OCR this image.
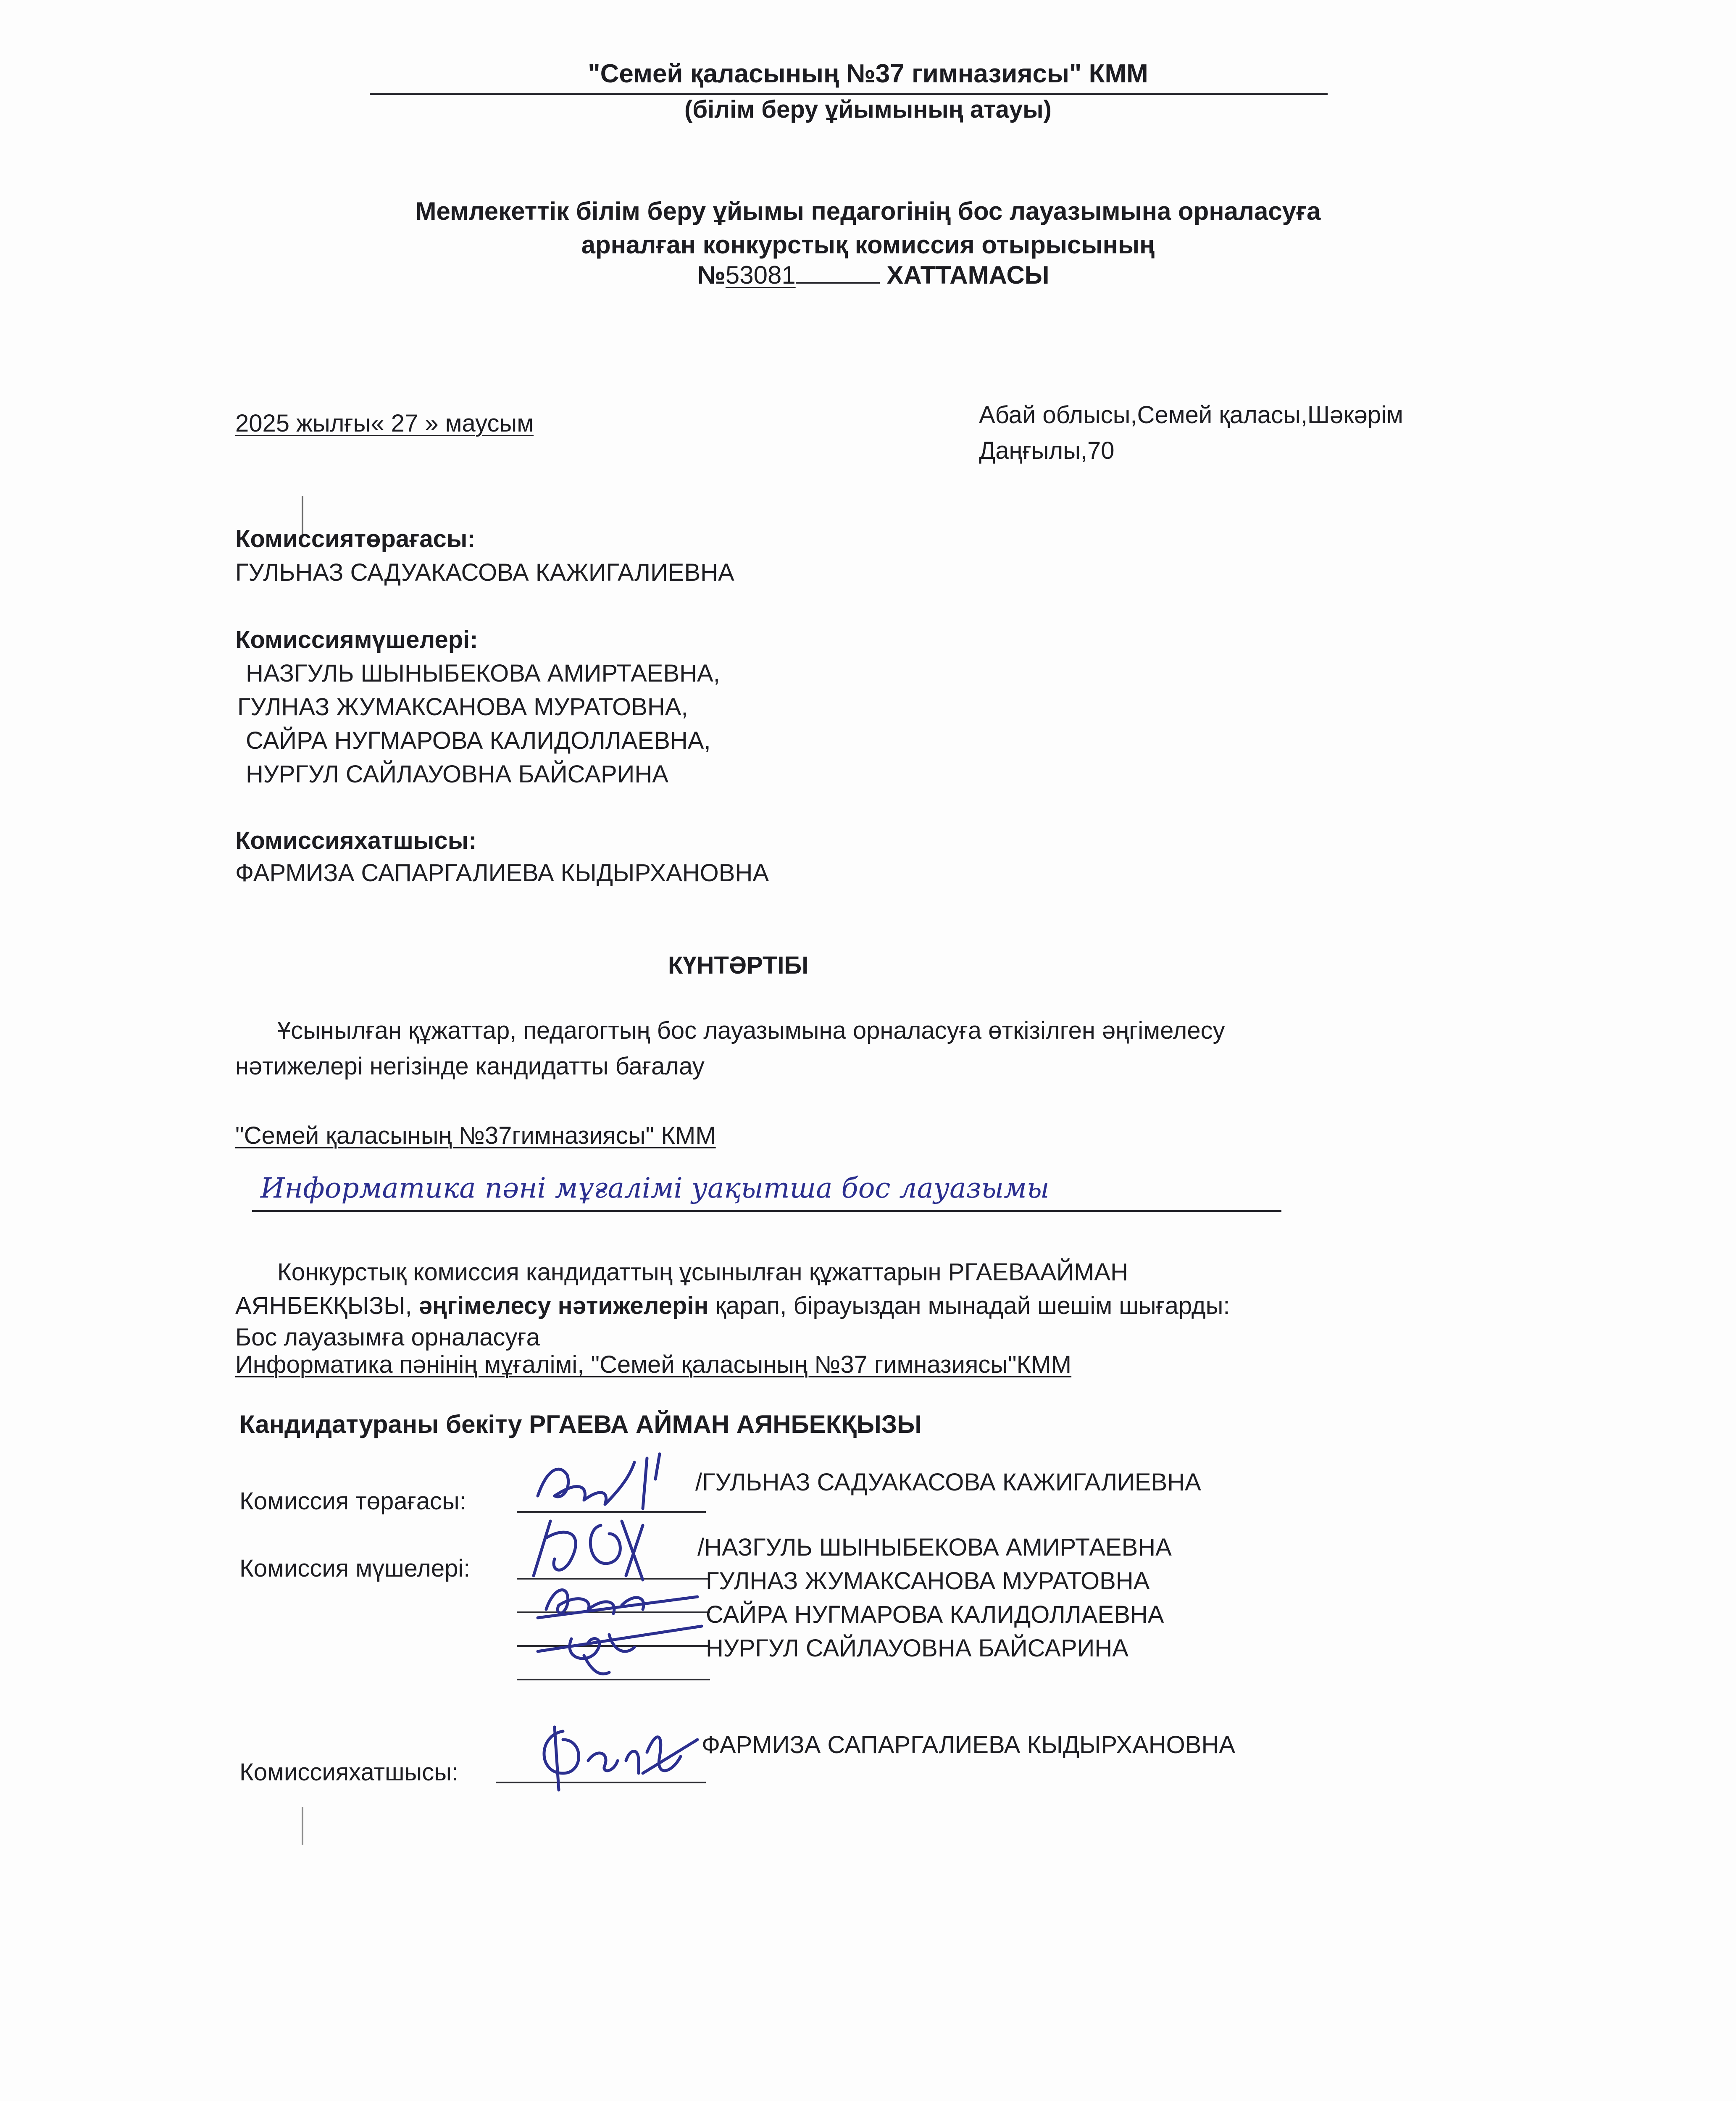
"Семей қаласының №37 гимназиясы" КММ

(білім беру ұйымының атауы)

Мемлекеттік білім беру ұйымы педагогінің бос лауазымына орналасуға

арналған конкурстық комиссия отырысының

№53081	ХАТТАМАСЫ

2025 жылғы« 27 » маусым	Абай облысы,Семей қаласы,Шәкәрім

Даңғылы,70

Комиссиятөрағасы:

ГУЛЬНАЗ САДУАКАСОВА КАЖИГАЛИЕВНА

Комиссиямүшелері:

НАЗГУЛЬ ШЫНЫБЕКОВА АМИРТАЕВНА,

ГУЛНАЗ ЖУМАКСАНОВА МУРАТОВНА,

САЙРА НУГМАРОВА КАЛИДОЛЛАЕВНА,

НУРГУЛ САЙЛАУОВНА БАЙСАРИНА

Комиссияхатшысы:

ФАРМИЗА САПАРГАЛИЕВА КЫДЫРХАНОВНА

КҮНТӘРТІБІ

Ұсынылған құжаттар, педагогтың бос лауазымына орналасуға өткізілген әңгімелесу

нәтижелері негізінде кандидатты бағалау

"Семей қаласының №37гимназиясы" КММ

Информатика пәні мұғалімі уақытша бос лауазымы

Конкурстық комиссия кандидаттың ұсынылған құжаттарын РГАЕВААЙМАН

АЯНБЕКҚЫЗЫ, әңгімелесу нәтижелерін қарап, бірауыздан мынадай шешім шығарды:

Бос лауазымға орналасуға

Информатика пәнінің мұғалімі, "Семей қаласының №37 гимназиясы"КММ

Кандидатураны бекіту РГАЕВА АЙМАН АЯНБЕКҚЫЗЫ

Комиссия төрағасы:

/ГУЛЬНАЗ САДУАКАСОВА КАЖИГАЛИЕВНА

Комиссия мүшелері:

/НАЗГУЛЬ ШЫНЫБЕКОВА АМИРТАЕВНА

ГУЛНАЗ ЖУМАКСАНОВА МУРАТОВНА

САЙРА НУГМАРОВА КАЛИДОЛЛАЕВНА

НУРГУЛ САЙЛАУОВНА БАЙСАРИНА

Комиссияхатшысы:

ФАРМИЗА САПАРГАЛИЕВА КЫДЫРХАНОВНА
